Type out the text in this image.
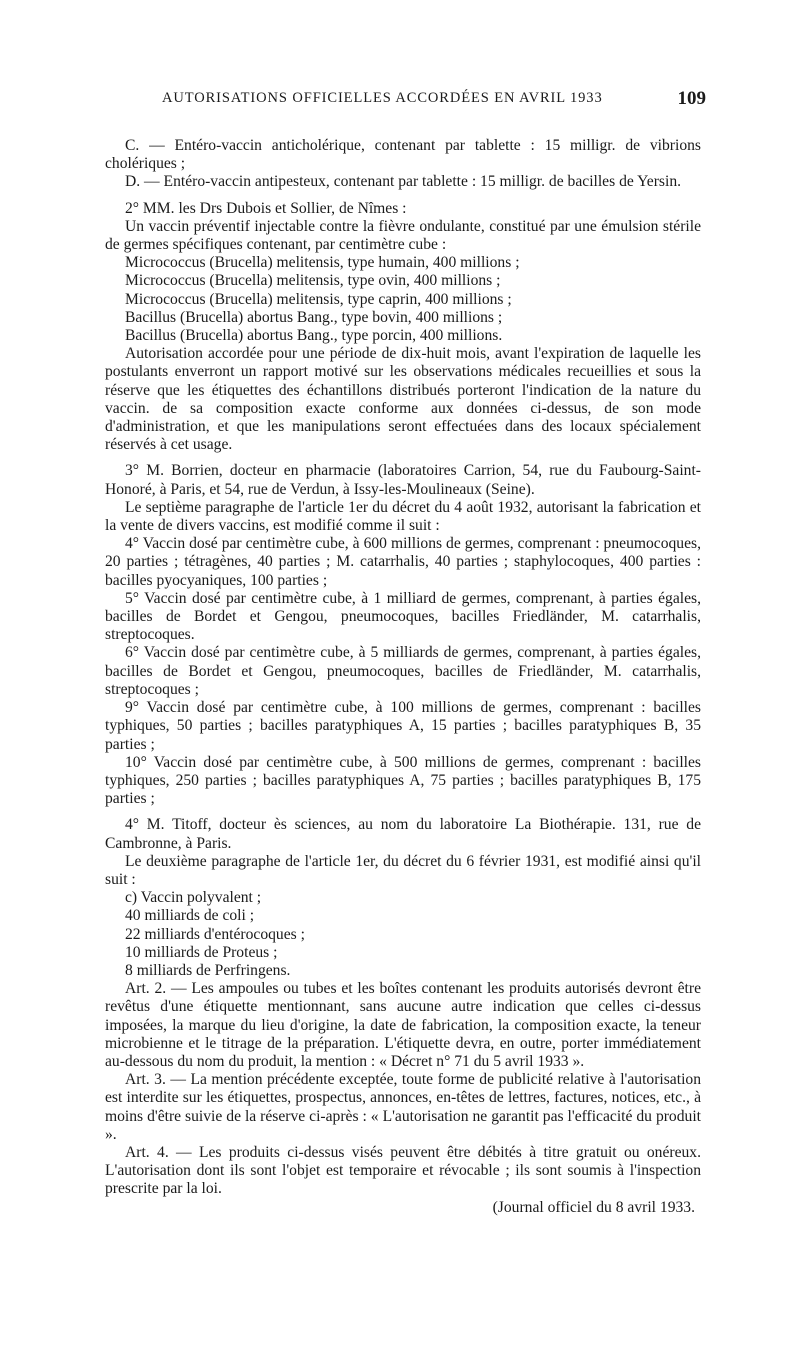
AUTORISATIONS OFFICIELLES ACCORDÉES EN AVRIL 1933	109

C. — Entéro-vaccin anticholérique, contenant par tablette : 15 milligr. de vibrions cholériques ;

D. — Entéro-vaccin antipesteux, contenant par tablette : 15 milligr. de bacilles de Yersin.

2° MM. les Drs Dubois et Sollier, de Nîmes :

Un vaccin préventif injectable contre la fièvre ondulante, constitué par une émulsion stérile de germes spécifiques contenant, par centimètre cube :

Micrococcus (Brucella) melitensis, type humain, 400 millions ;

Micrococcus (Brucella) melitensis, type ovin, 400 millions ;

Micrococcus (Brucella) melitensis, type caprin, 400 millions ;

Bacillus (Brucella) abortus Bang., type bovin, 400 millions ;

Bacillus (Brucella) abortus Bang., type porcin, 400 millions.

Autorisation accordée pour une période de dix-huit mois, avant l'expiration de laquelle les postulants enverront un rapport motivé sur les observations médicales recueillies et sous la réserve que les étiquettes des échantillons distribués porteront l'indication de la nature du vaccin. de sa composition exacte conforme aux données ci-dessus, de son mode d'administration, et que les manipulations seront effectuées dans des locaux spécialement réservés à cet usage.

3° M. Borrien, docteur en pharmacie (laboratoires Carrion, 54, rue du Faubourg-Saint-Honoré, à Paris, et 54, rue de Verdun, à Issy-les-Moulineaux (Seine).

Le septième paragraphe de l'article 1er du décret du 4 août 1932, autorisant la fabrication et la vente de divers vaccins, est modifié comme il suit :

4° Vaccin dosé par centimètre cube, à 600 millions de germes, comprenant : pneumocoques, 20 parties ; tétragènes, 40 parties ; M. catarrhalis, 40 parties ; staphylocoques, 400 parties : bacilles pyocyaniques, 100 parties ;

5° Vaccin dosé par centimètre cube, à 1 milliard de germes, comprenant, à parties égales, bacilles de Bordet et Gengou, pneumocoques, bacilles Friedländer, M. catarrhalis, streptocoques.

6° Vaccin dosé par centimètre cube, à 5 milliards de germes, comprenant, à parties égales, bacilles de Bordet et Gengou, pneumocoques, bacilles de Friedländer, M. catarrhalis, streptocoques ;

9° Vaccin dosé par centimètre cube, à 100 millions de germes, comprenant : bacilles typhiques, 50 parties ; bacilles paratyphiques A, 15 parties ; bacilles paratyphiques B, 35 parties ;

10° Vaccin dosé par centimètre cube, à 500 millions de germes, comprenant : bacilles typhiques, 250 parties ; bacilles paratyphiques A, 75 parties ; bacilles paratyphiques B, 175 parties ;

4° M. Titoff, docteur ès sciences, au nom du laboratoire La Biothérapie. 131, rue de Cambronne, à Paris.

Le deuxième paragraphe de l'article 1er, du décret du 6 février 1931, est modifié ainsi qu'il suit :

c) Vaccin polyvalent ;

40 milliards de coli ;

22 milliards d'entérocoques ;

10 milliards de Proteus ;

8 milliards de Perfringens.

Art. 2. — Les ampoules ou tubes et les boîtes contenant les produits autorisés devront être revêtus d'une étiquette mentionnant, sans aucune autre indication que celles ci-dessus imposées, la marque du lieu d'origine, la date de fabrication, la composition exacte, la teneur microbienne et le titrage de la préparation. L'étiquette devra, en outre, porter immédiatement au-dessous du nom du produit, la mention : « Décret n° 71 du 5 avril 1933 ».

Art. 3. — La mention précédente exceptée, toute forme de publicité relative à l'autorisation est interdite sur les étiquettes, prospectus, annonces, en-têtes de lettres, factures, notices, etc., à moins d'être suivie de la réserve ci-après : « L'autorisation ne garantit pas l'efficacité du produit ».

Art. 4. — Les produits ci-dessus visés peuvent être débités à titre gratuit ou onéreux. L'autorisation dont ils sont l'objet est temporaire et révocable ; ils sont soumis à l'inspection prescrite par la loi.

(Journal officiel du 8 avril 1933.
